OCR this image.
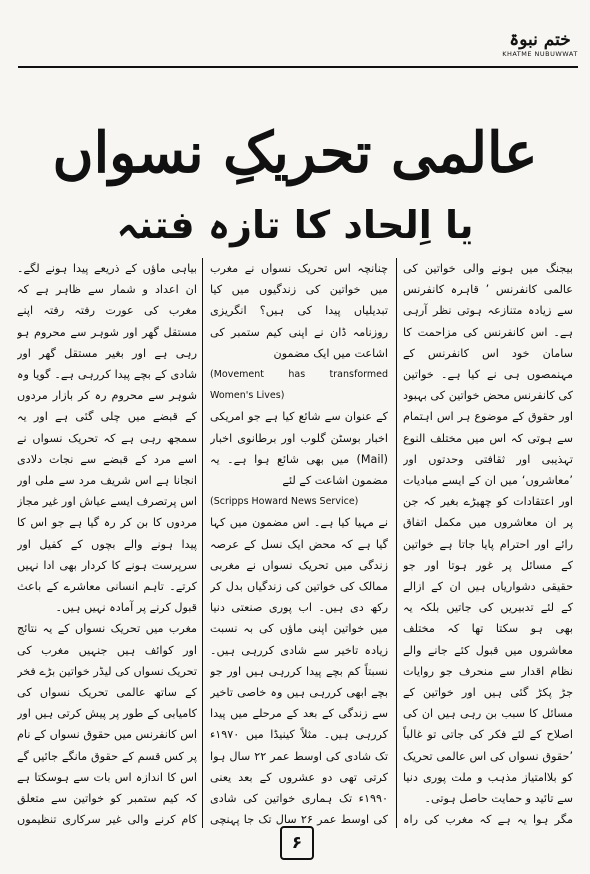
ختم نبوۃ
KHATME NUBUWWAT
عالمی تحریکِ نسواں
یا اِلحاد کا تازہ فتنہ

بیجنگ میں ہونے والی خواتین کی عالمی کانفرنس ’ قاہرہ کانفرنس سے زیادہ متنازعہ ہوتی نظر آرہی ہے۔ اس کانفرنس کی مزاحمت کا سامان خود اس کانفرنس کے مہنمصوں ہی نے کیا ہے۔ خواتین کی کانفرنس محض خواتین کی بہبود اور حقوق کے موضوع ہر اس اہتمام سے ہوتی کہ اس میں مختلف النوع تہذیبی اور ثقافتی وحدتوں اور ’معاشروں‘ میں ان کے ایسے مبادیات اور اعتقادات کو چھیڑے بغیر کہ جن پر ان معاشروں میں مکمل اتفاق رائے اور احترام پایا جاتا ہے خواتین کے مسائل پر غور ہوتا اور جو حقیقی دشواریاں ہیں ان کے ازالے کے لئے تدبیریں کی جاتیں بلکہ یہ بھی ہو سکتا تھا کہ مختلف معاشروں میں قبول کئے جانے والے نظام اقدار سے منحرف جو روایات جڑ پکڑ گئی ہیں اور خواتین کے مسائل کا سبب بن رہی ہیں ان کی اصلاح کے لئے فکر کی جاتی تو غالباً ’حقوق نسواں کی اس عالمی تحریک کو بلاامتیاز مذہب و ملت پوری دنیا سے تائید و حمایت حاصل ہوتی۔

مگر ہوا یہ ہے کہ مغرب کی راہ

چنانچہ اس تحریک نسواں نے مغرب میں خواتین کی زندگیوں میں کیا تبدیلیاں پیدا کی ہیں؟ انگریزی روزنامہ ڈان نے اپنی کیم ستمبر کی اشاعت میں ایک مضمون

(Movement has transformed Women's Lives)

کے عنوان سے شائع کیا ہے جو امریکی اخبار بوسٹن گلوب اور برطانوی اخبار (Mail) میں بھی شائع ہوا ہے۔ یہ مضمون اشاعت کے لئے

(Scripps Howard News Service)

نے مہیا کیا ہے۔ اس مضمون میں کہا گیا ہے کہ محض ایک نسل کے عرصہ زندگی میں تحریک نسواں نے مغربی ممالک کی خواتین کی زندگیاں بدل کر رکھ دی ہیں۔ اب پوری صنعتی دنیا میں خواتین اپنی ماؤں کی بہ نسبت زیادہ تاخیر سے شادی کررہی ہیں۔ نسبتاً کم بچے پیدا کررہی ہیں اور جو بچے ابھی کررہی ہیں وہ خاصی تاخیر سے زندگی کے بعد کے مرحلے میں پیدا کررہی ہیں۔ مثلاً کینیڈا میں ۱۹۷۰ء تک شادی کی اوسط عمر ۲۲ سال ہوا کرتی تھی دو عشروں کے بعد یعنی ۱۹۹۰ء تک ہماری خواتین کی شادی کی اوسط عمر ۲۶ سال تک جا پہنچی

بیاہی ماؤں کے ذریعے پیدا ہونے لگے۔ ان اعداد و شمار سے ظاہر ہے کہ مغرب کی عورت رفتہ رفتہ اپنے مستقل گھر اور شوہر سے محروم ہو رہی ہے اور بغیر مستقل گھر اور شادی کے بچے پیدا کررہی ہے۔ گویا وہ شوہر سے محروم رہ کر بازار مردوں کے قبضے میں چلی گئی ہے اور یہ سمجھ رہی ہے کہ تحریک نسواں نے اسے مرد کے قبضے سے نجات دلادی انجانا ہے اس شریف مرد سے ملی اور اس پرتصرف ایسے عیاش اور غیر مجاز مردوں کا بن کر رہ گیا ہے جو اس کا پیدا ہونے والے بچوں کے کفیل اور سرپرست ہونے کا کردار بھی ادا نہیں کرتے۔ تاہم انسانی معاشرے کے باعث قبول کرنے پر آمادہ نہیں ہیں۔

مغرب میں تحریک نسواں کے یہ نتائج اور کوائف ہیں جنہیں مغرب کی تحریک نسواں کی لیڈر خواتین بڑے فخر کے ساتھ عالمی تحریک نسواں کی کامیابی کے طور پر پیش کرتی ہیں اور اس کانفرنس میں حقوق نسواں کے نام پر کس قسم کے حقوق مانگے جائیں گے اس کا اندازہ اس بات سے ہوسکتا ہے کہ کیم ستمبر کو خواتین سے متعلق کام کرنے والی غیر سرکاری تنظیموں

۶
